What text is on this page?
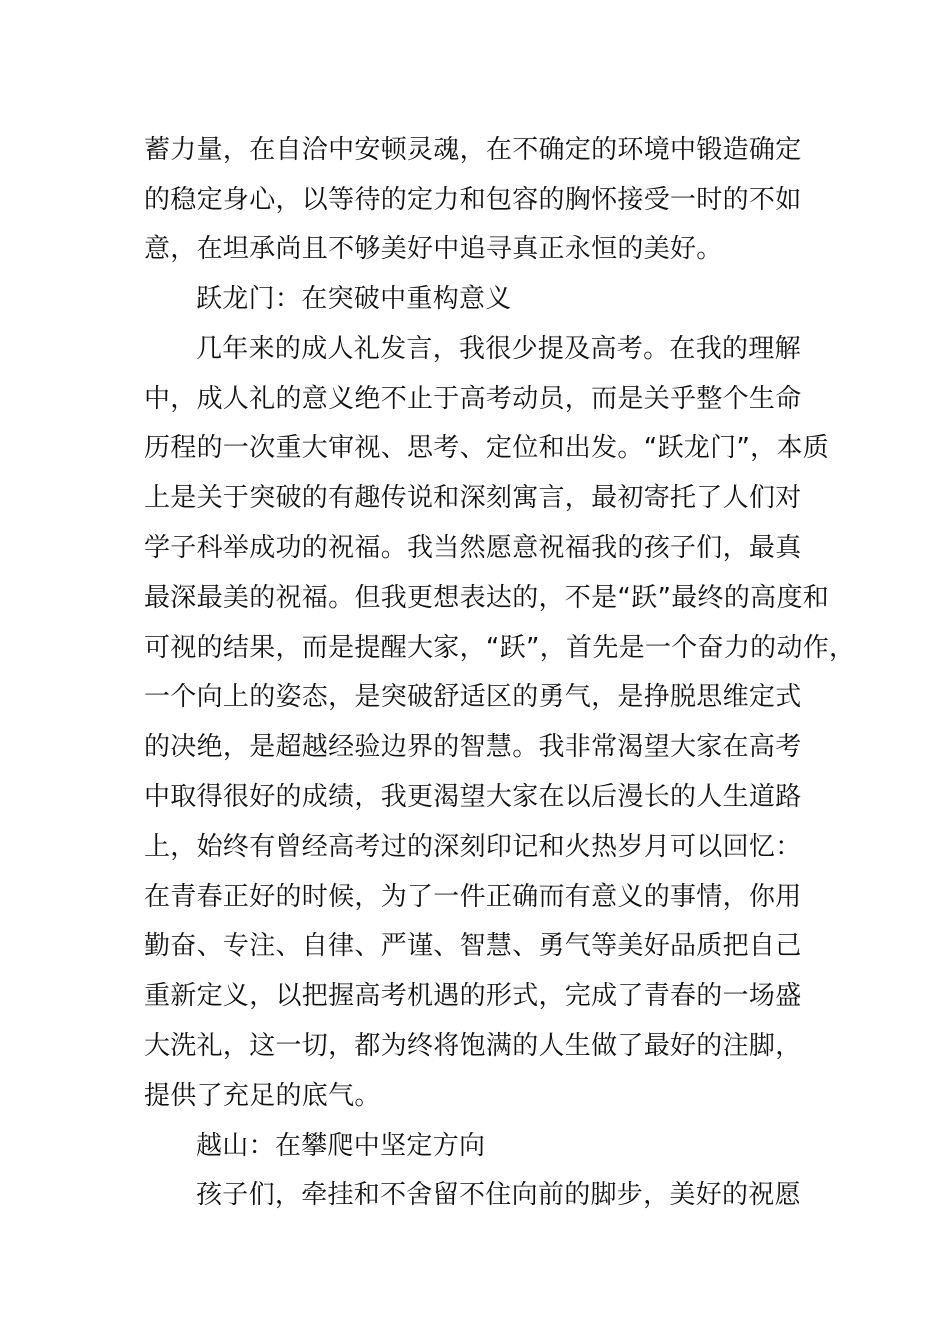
蓄力量，在自洽中安顿灵魂，在不确定的环境中锻造确定
的稳定身心，以等待的定力和包容的胸怀接受一时的不如
意，在坦承尚且不够美好中追寻真正永恒的美好。
跃龙门：在突破中重构意义
几年来的成人礼发言，我很少提及高考。在我的理解
中，成人礼的意义绝不止于高考动员，而是关乎整个生命
历程的一次重大审视、思考、定位和出发。“跃龙门”，本质
上是关于突破的有趣传说和深刻寓言，最初寄托了人们对
学子科举成功的祝福。我当然愿意祝福我的孩子们，最真
最深最美的祝福。但我更想表达的，不是“跃”最终的高度和
可视的结果，而是提醒大家，“跃”，首先是一个奋力的动作，
一个向上的姿态，是突破舒适区的勇气，是挣脱思维定式
的决绝，是超越经验边界的智慧。我非常渴望大家在高考
中取得很好的成绩，我更渴望大家在以后漫长的人生道路
上，始终有曾经高考过的深刻印记和火热岁月可以回忆：
在青春正好的时候，为了一件正确而有意义的事情，你用
勤奋、专注、自律、严谨、智慧、勇气等美好品质把自己
重新定义，以把握高考机遇的形式，完成了青春的一场盛
大洗礼，这一切，都为终将饱满的人生做了最好的注脚，
提供了充足的底气。
越山：在攀爬中坚定方向
孩子们，牵挂和不舍留不住向前的脚步，美好的祝愿
